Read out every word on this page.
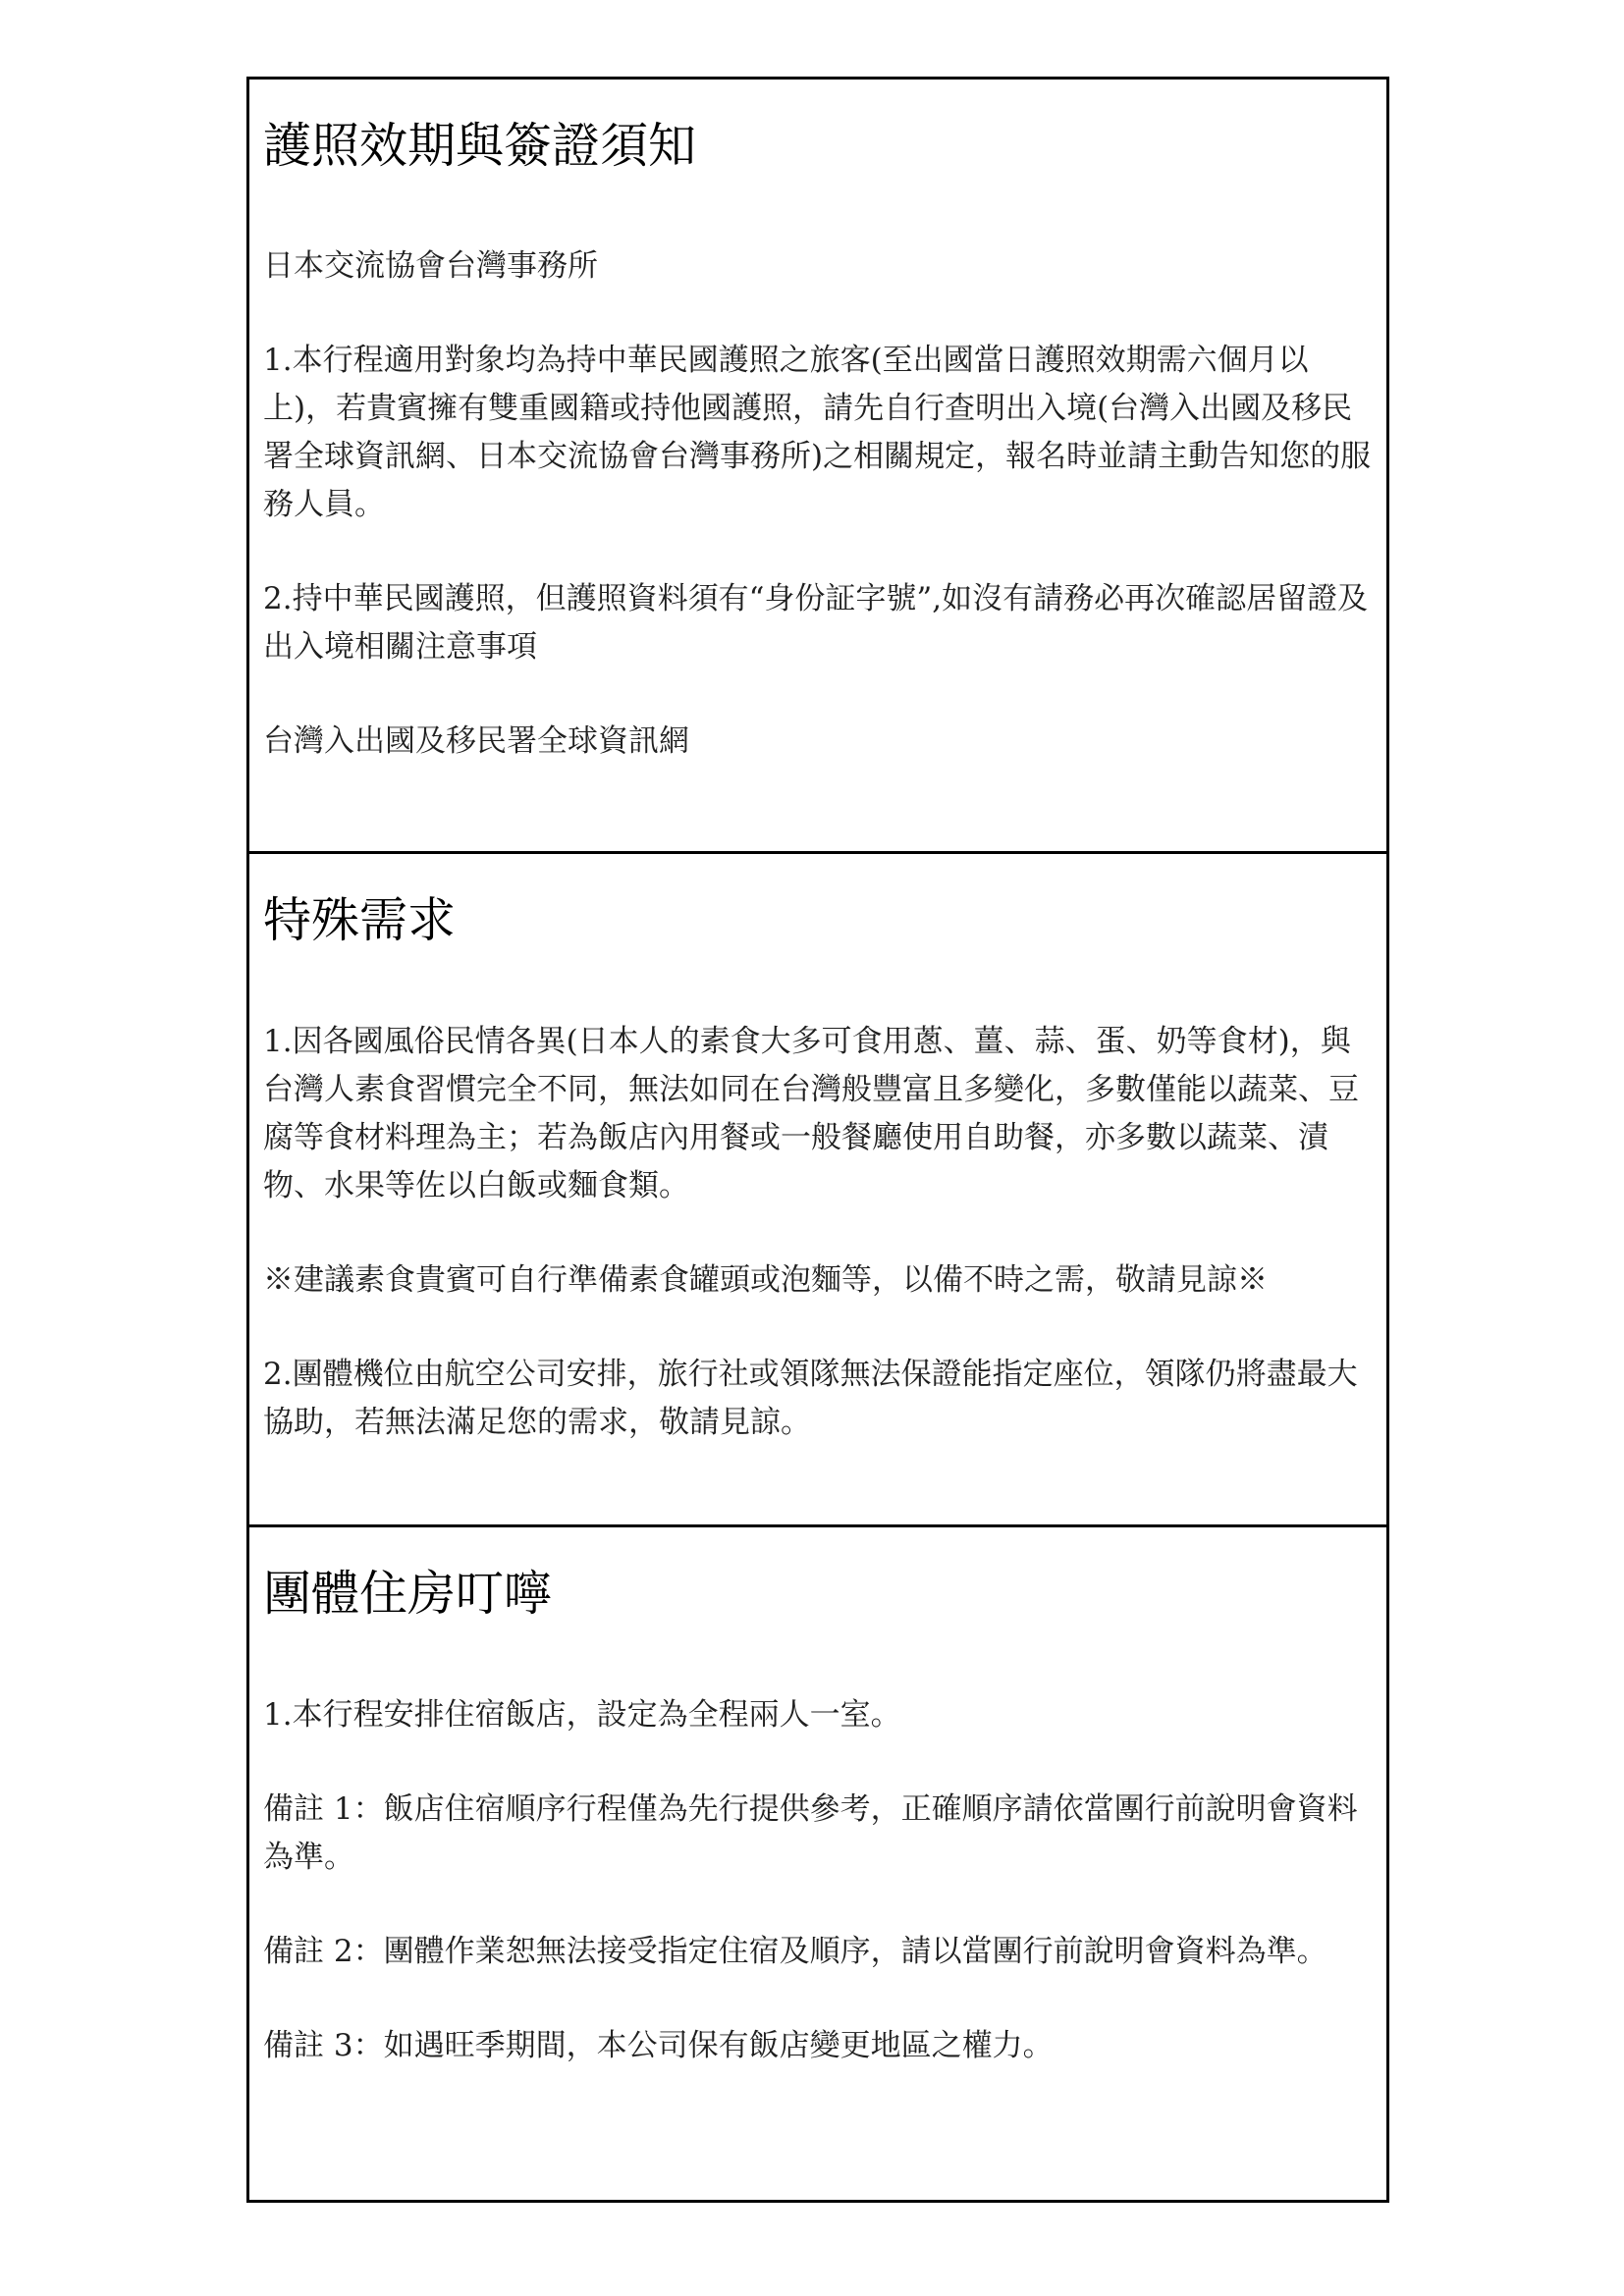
護照效期與簽證須知

日本交流協會台灣事務所

1.本行程適用對象均為持中華民國護照之旅客(至出國當日護照效期需六個月以上)，若貴賓擁有雙重國籍或持他國護照，請先自行查明出入境(台灣入出國及移民署全球資訊網、日本交流協會台灣事務所)之相關規定，報名時並請主動告知您的服務人員。

2.持中華民國護照，但護照資料須有“身份証字號”,如沒有請務必再次確認居留證及出入境相關注意事項

台灣入出國及移民署全球資訊網

特殊需求

1.因各國風俗民情各異(日本人的素食大多可食用蔥、薑、蒜、蛋、奶等食材)，與台灣人素食習慣完全不同，無法如同在台灣般豐富且多變化，多數僅能以蔬菜、豆腐等食材料理為主；若為飯店內用餐或一般餐廳使用自助餐，亦多數以蔬菜、漬物、水果等佐以白飯或麵食類。

※建議素食貴賓可自行準備素食罐頭或泡麵等，以備不時之需，敬請見諒※

2.團體機位由航空公司安排，旅行社或領隊無法保證能指定座位，領隊仍將盡最大協助，若無法滿足您的需求，敬請見諒。

團體住房叮嚀

1.本行程安排住宿飯店，設定為全程兩人一室。

備註 1：飯店住宿順序行程僅為先行提供參考，正確順序請依當團行前說明會資料為準。

備註 2：團體作業恕無法接受指定住宿及順序，請以當團行前說明會資料為準。

備註 3：如遇旺季期間，本公司保有飯店變更地區之權力。
